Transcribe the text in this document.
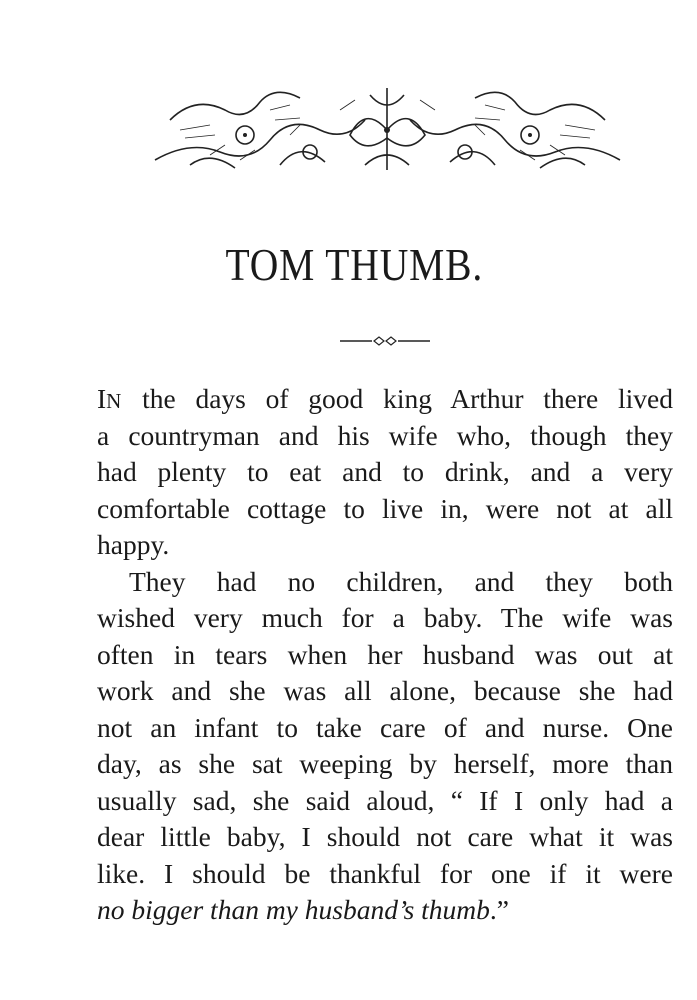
TOM THUMB.
IN the days of good king Arthur there lived
a countryman and his wife who, though they
had plenty to eat and to drink, and a very
comfortable cottage to live in, were not at all
happy.
They had no children, and they both
wished very much for a baby. The wife was
often in tears when her husband was out at
work and she was all alone, because she had
not an infant to take care of and nurse. One
day, as she sat weeping by herself, more than
usually sad, she said aloud, “ If I only had a
dear little baby, I should not care what it was
like. I should be thankful for one if it were
no bigger than my husband’s thumb.”
